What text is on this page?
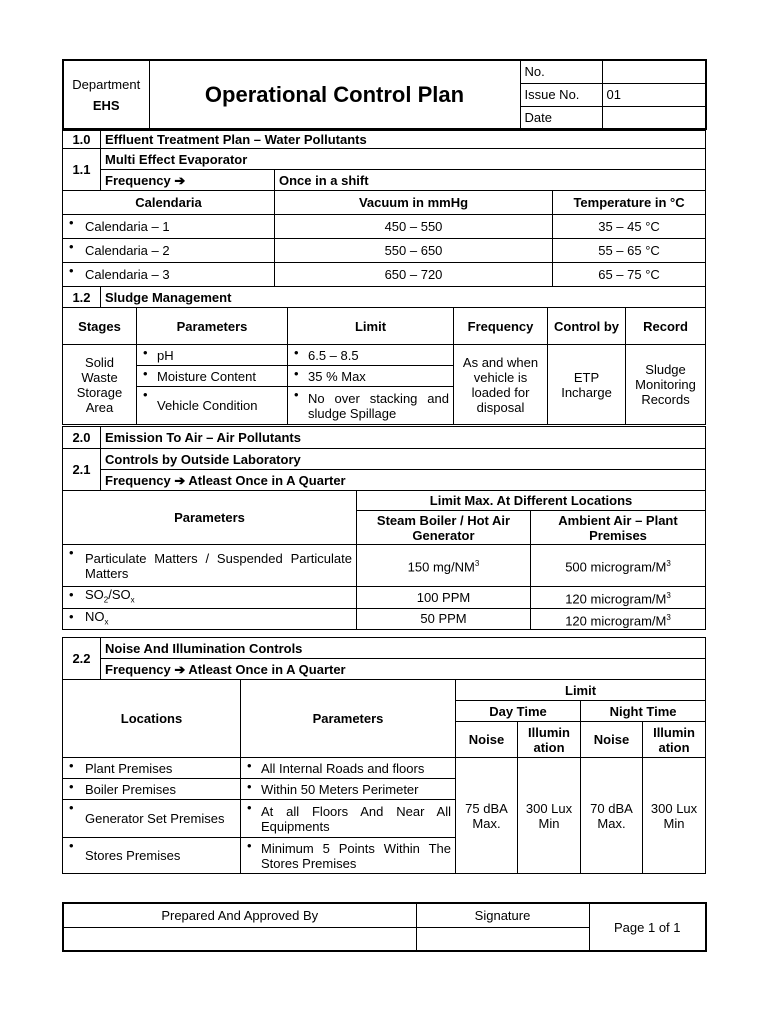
Department
EHS	Operational Control Plan	No.	
		Issue No.	01
		Date	
1.0	Effluent Treatment Plan – Water Pollutants		
1.1	Multi Effect Evaporator		
	Frequency ➔	Once in a shift	
Calendaria		Vacuum in mmHg	Temperature in °C
• Calendaria – 1		450 – 550	35 – 45 °C
• Calendaria – 2		550 – 650	55 – 65 °C
• Calendaria – 3		650 – 720	65 – 75 °C
1.2	Sludge Management					
Stages		Parameters	Limit	Frequency	Control by	Record
Solid Waste Storage Area		• pH	• 6.5 – 8.5	As and when vehicle is loaded for disposal	ETP Incharge	Sludge Monitoring Records
		• Moisture Content	• 35 % Max
		• Vehicle Condition	• No over stacking and sludge Spillage
2.0	Emission To Air – Air Pollutants		
2.1	Controls by Outside Laboratory		
	Frequency ➔ Atleast Once in A Quarter		
Parameters		Limit Max. At Different Locations	
		Steam Boiler / Hot Air Generator	Ambient Air – Plant Premises
• Particulate Matters / Suspended Particulate Matters		150 $mg/NM^3$	500 microgram/$M^3$
• $SO_2/SO_x$		100 PPM	120 microgram/$M^3$
• $NO_x$		50 PPM	120 microgram/$M^3$
2.2	Noise And Illumination Controls					
	Frequency ➔ Atleast Once in A Quarter					
Locations		Parameters	Limit			
			Day Time		Night Time	
			Noise	Illumin ation	Noise	Illumin ation
• Plant Premises		• All Internal Roads and floors	75 dBA Max.	300 Lux Min	70 dBA Max.	300 Lux Min
• Boiler Premises		• Within 50 Meters Perimeter
• Generator Set Premises		• At all Floors And Near All Equipments
• Stores Premises		• Minimum 5 Points Within The Stores Premises
Prepared And Approved By	Signature	Page 1 of 1
